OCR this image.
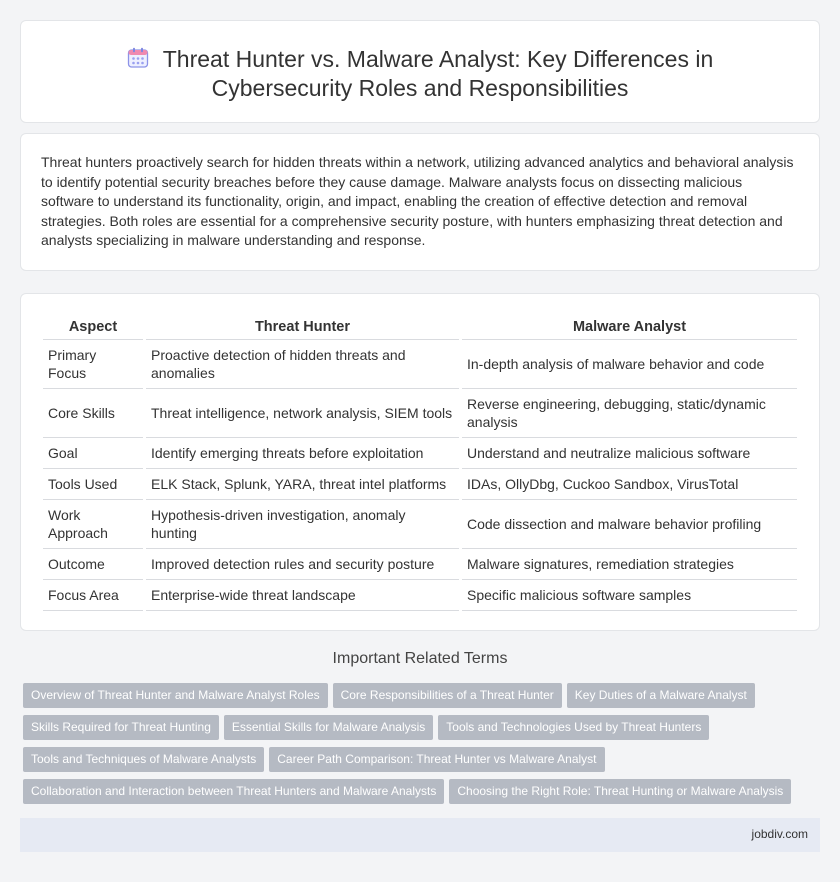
Threat Hunter vs. Malware Analyst: Key Differences in
Cybersecurity Roles and Responsibilities

Threat hunters proactively search for hidden threats within a network, utilizing advanced analytics and behavioral analysis to identify potential security breaches before they cause damage. Malware analysts focus on dissecting malicious software to understand its functionality, origin, and impact, enabling the creation of effective detection and removal strategies. Both roles are essential for a comprehensive security posture, with hunters emphasizing threat detection and analysts specializing in malware understanding and response.

Aspect		Threat Hunter		Malware Analyst
Primary Focus		Proactive detection of hidden threats and anomalies		In-depth analysis of malware behavior and code
Core Skills		Threat intelligence, network analysis, SIEM tools		Reverse engineering, debugging, static/dynamic analysis
Goal		Identify emerging threats before exploitation		Understand and neutralize malicious software
Tools Used		ELK Stack, Splunk, YARA, threat intel platforms		IDAs, OllyDbg, Cuckoo Sandbox, VirusTotal
Work Approach		Hypothesis-driven investigation, anomaly hunting		Code dissection and malware behavior profiling
Outcome		Improved detection rules and security posture		Malware signatures, remediation strategies
Focus Area		Enterprise-wide threat landscape		Specific malicious software samples
Important Related Terms
Overview of Threat Hunter and Malware Analyst Roles Core Responsibilities of a Threat Hunter Key Duties of a Malware Analyst
Skills Required for Threat Hunting Essential Skills for Malware Analysis Tools and Technologies Used by Threat Hunters
Tools and Techniques of Malware Analysts Career Path Comparison: Threat Hunter vs Malware Analyst
Collaboration and Interaction between Threat Hunters and Malware Analysts Choosing the Right Role: Threat Hunting or Malware Analysis
jobdiv.com
